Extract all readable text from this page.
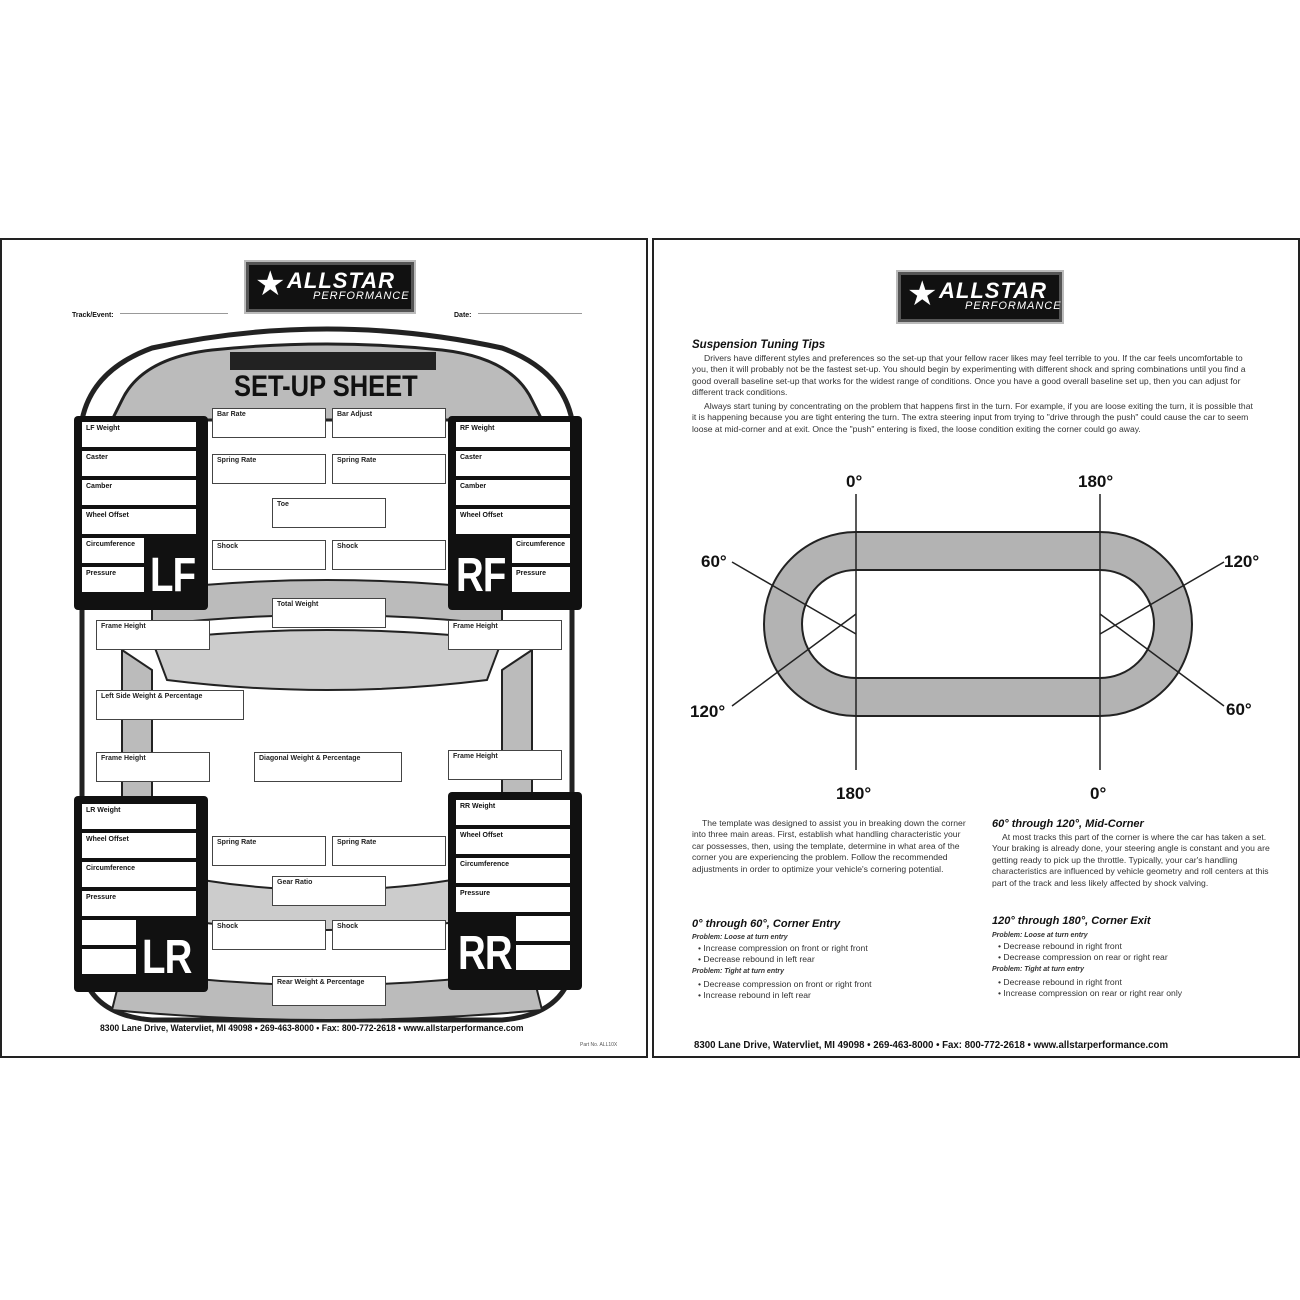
★ ALLSTAR
PERFORMANCE
Track/Event:	Date:
SET-UP SHEET
LF Weight
Caster
Camber
Wheel Offset
Circumference
Pressure LF
RF Weight
Caster
Camber
Wheel Offset
Circumference
Pressure
RF
Bar Rate	Bar Adjust
Spring Rate	Spring Rate
Toe
Shock	Shock
Total Weight
Frame Height	Frame Height
Left Side Weight & Percentage
Frame Height	Diagonal Weight & Percentage	Frame Height
LR Weight
Wheel Offset
Circumference
Pressure
LR
RR Weight
Wheel Offset
Circumference
Pressure
RR
Spring Rate	Spring Rate
Gear Ratio
Shock	Shock
Rear Weight & Percentage
8300 Lane Drive, Watervliet, MI 49098 • 269-463-8000 • Fax: 800-772-2618 • www.allstarperformance.com
Part No. ALL10X
★ ALLSTAR
PERFORMANCE
Suspension Tuning Tips
Drivers have different styles and preferences so the set-up that your fellow racer likes may feel terrible to you. If the car feels uncomfortable to you, then it will probably not be the fastest set-up. You should begin by experimenting with different shock and spring combinations until you find a good overall baseline set-up that works for the widest range of conditions. Once you have a good overall baseline set up, then you can adjust for different track conditions.
Always start tuning by concentrating on the problem that happens first in the turn. For example, if you are loose exiting the turn, it is possible that it is happening because you are tight entering the turn. The extra steering input from trying to "drive through the push" could cause the car to seem loose at mid-corner and at exit. Once the "push" entering is fixed, the loose condition exiting the corner could go away.
0°	180°
60°	120°
120°	60°
180°	0°
The template was designed to assist you in breaking down the corner into three main areas. First, establish what handling characteristic your car possesses, then, using the template, determine in what area of the corner you are experiencing the problem. Follow the recommended adjustments in order to optimize your vehicle's cornering potential.
60° through 120°, Mid-Corner
At most tracks this part of the corner is where the car has taken a set. Your braking is already done, your steering angle is constant and you are getting ready to pick up the throttle. Typically, your car's handling characteristics are influenced by vehicle geometry and roll centers at this part of the track and less likely affected by shock valving.
0° through 60°, Corner Entry
Problem: Loose at turn entry
• Increase compression on front or right front
• Decrease rebound in left rear
Problem: Tight at turn entry
• Decrease compression on front or right front
• Increase rebound in left rear
120° through 180°, Corner Exit
Problem: Loose at turn entry
• Decrease rebound in right front
• Decrease compression on rear or right rear
Problem: Tight at turn entry
• Decrease rebound in right front
• Increase compression on rear or right rear only
8300 Lane Drive, Watervliet, MI 49098 • 269-463-8000 • Fax: 800-772-2618 • www.allstarperformance.com
